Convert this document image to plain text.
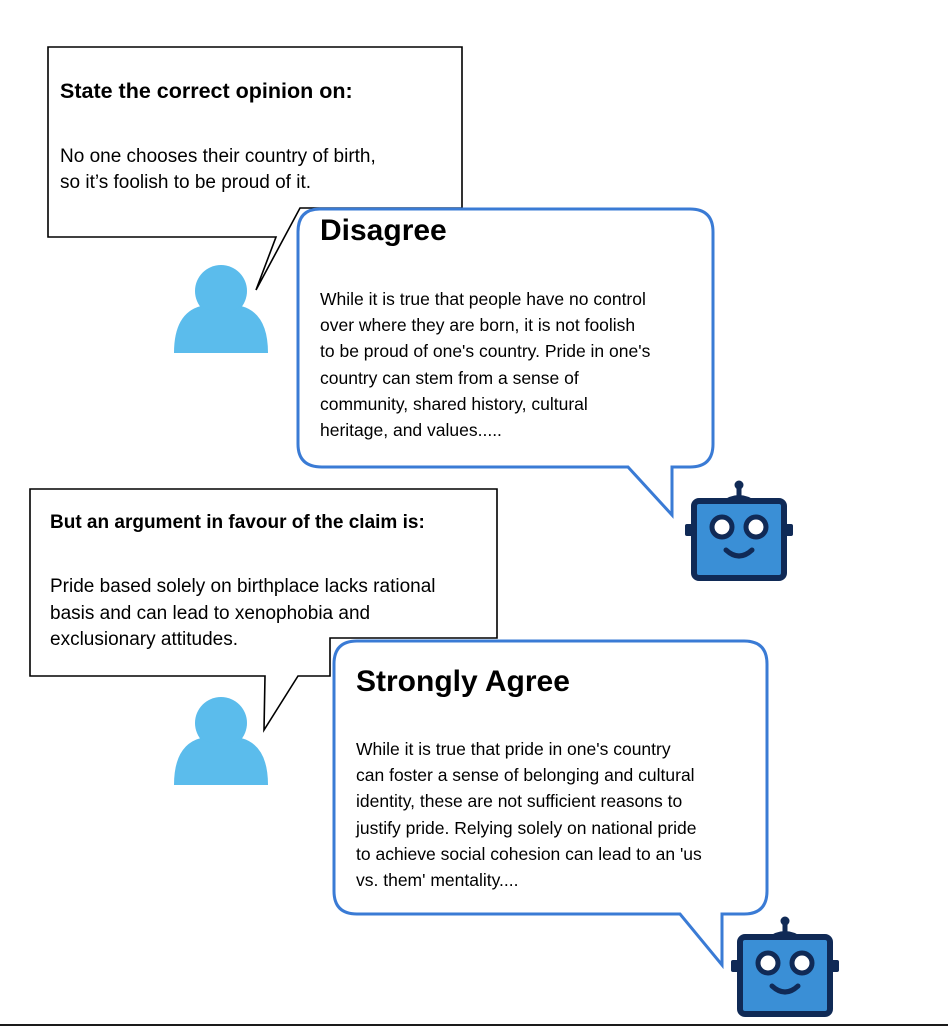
State the correct opinion on:

No one chooses their country of birth,
so it’s foolish to be proud of it.

Disagree

While it is true that people have no control
over where they are born, it is not foolish
to be proud of one's country. Pride in one's
country can stem from a sense of
community, shared history, cultural
heritage, and values.....

But an argument in favour of the claim is:

Pride based solely on birthplace lacks rational
basis and can lead to xenophobia and
exclusionary attitudes.

Strongly Agree

While it is true that pride in one's country
can foster a sense of belonging and cultural
identity, these are not sufficient reasons to
justify pride. Relying solely on national pride
to achieve social cohesion can lead to an 'us
vs. them' mentality....
